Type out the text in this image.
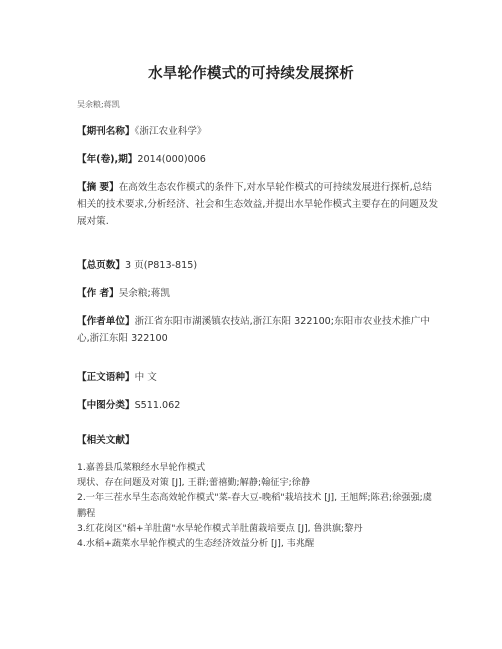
水旱轮作模式的可持续发展探析
吴余粮;蒋凯
【期刊名称】《浙江农业科学》
【年(卷),期】2014(000)006
【摘 要】在高效生态农作模式的条件下,对水旱轮作模式的可持续发展进行探析,总结相关的技术要求,分析经济、社会和生态效益,并提出水旱轮作模式主要存在的问题及发展对策.
【总页数】3 页(P813-815)
【作 者】吴余粮;蒋凯
【作者单位】浙江省东阳市湖溪镇农技站,浙江东阳 322100;东阳市农业技术推广中心,浙江东阳 322100
【正文语种】中 文
【中图分类】S511.062
【相关文献】

1.嘉善县瓜菜粮经水旱轮作模式

现状、存在问题及对策 [J], 王群;蕾禧勤;解静;翰征宇;徐静

2.一年三茬水旱生态高效轮作模式"菜-春大豆-晚稻"栽培技术 [J], 王旭辉;陈君;徐强强;虞鹏程

3.红花岗区"稻+羊肚菌"水旱轮作模式羊肚菌栽培要点 [J], 鲁洪旗;黎丹

4.水稻+蔬菜水旱轮作模式的生态经济效益分析 [J], 韦兆醒
